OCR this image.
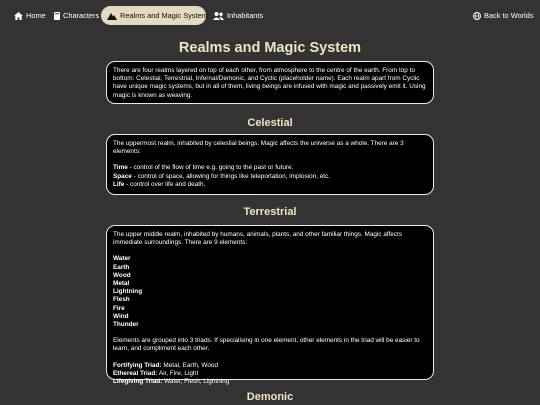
Home Characters	Realms and Magic System	Inhabitants	Back to Worlds
Realms and Magic System

There are four realms layered on top of each other, from atmosphere to the centre of the earth. From top to bottom: Celestial, Terrestrial, Infernal/Demonic, and Cyclic (placeholder name). Each realm apart from Cyclic have unique magic systems, but in all of them, living beings are infused with magic and passively emit it. Using magic is known as weaving.

Celestial

The uppermost realm, inhabited by celestial beings. Magic affects the universe as a whole. There are 3 elements:

Time - control of the flow of time e.g. going to the past or future.

Space - control of space, allowing for things like teleportation, implosion, etc.

Life - control over life and death.

Terrestrial

The upper middle realm, inhabited by humans, animals, plants, and other familiar things. Magic affects immediate surroundings. There are 9 elements:

Water

Earth

Wood

Metal

Lightning

Flesh

Fire

Wind

Thunder

Elements are grouped into 3 triads. If specialising in one element, other elements in the triad will be easier to learn, and compliment each other.

Fortifying Triad: Metal, Earth, Wood

Ethereal Triad: Air, Fire, Light

Lifegiving Triad: Water, Flesh, Lightning

Demonic
